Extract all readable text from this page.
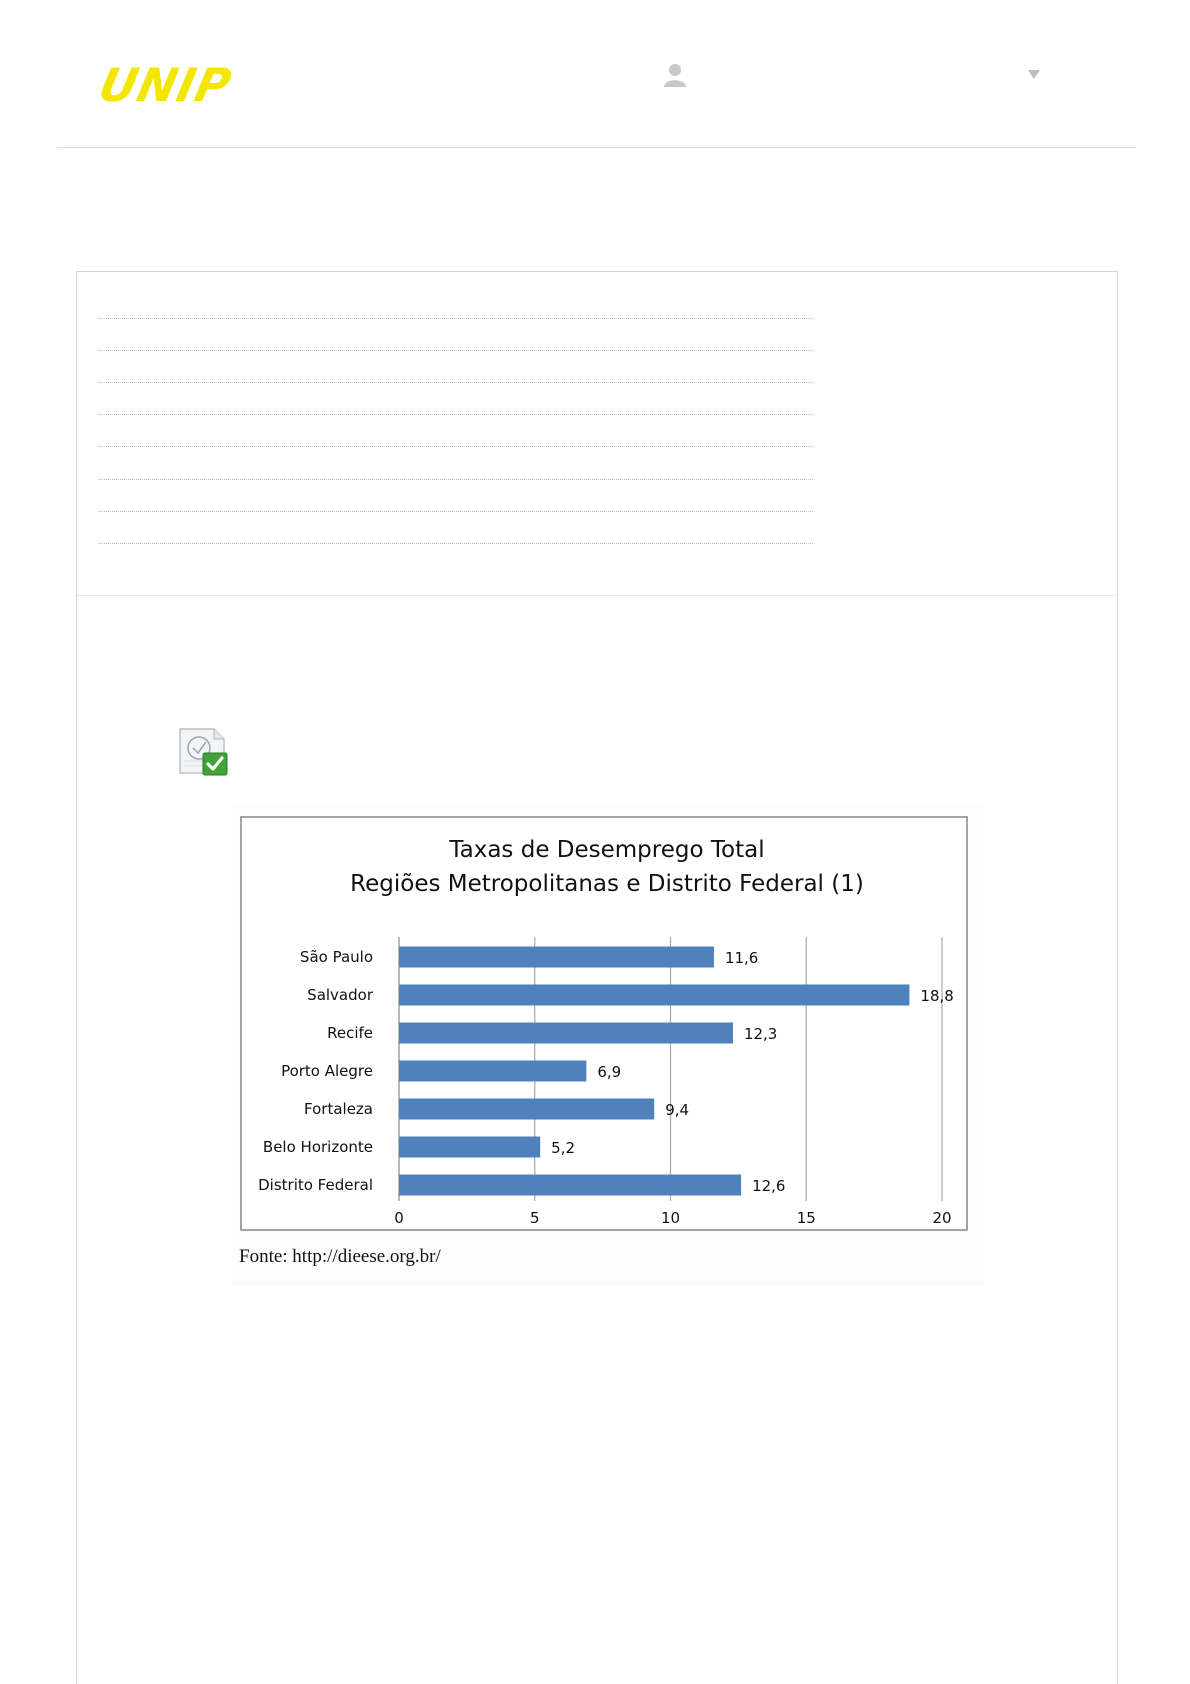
UNIP
Taxas de Desemprego Total
Regiões Metropolitanas e Distrito Federal (1)
0	5	10	15	20
São Paulo	11,6
Salvador	18,8
Recife	12,3
Porto Alegre	6,9
Fortaleza	9,4
Belo Horizonte	5,2
Distrito Federal	12,6
Fonte: http://dieese.org.br/
